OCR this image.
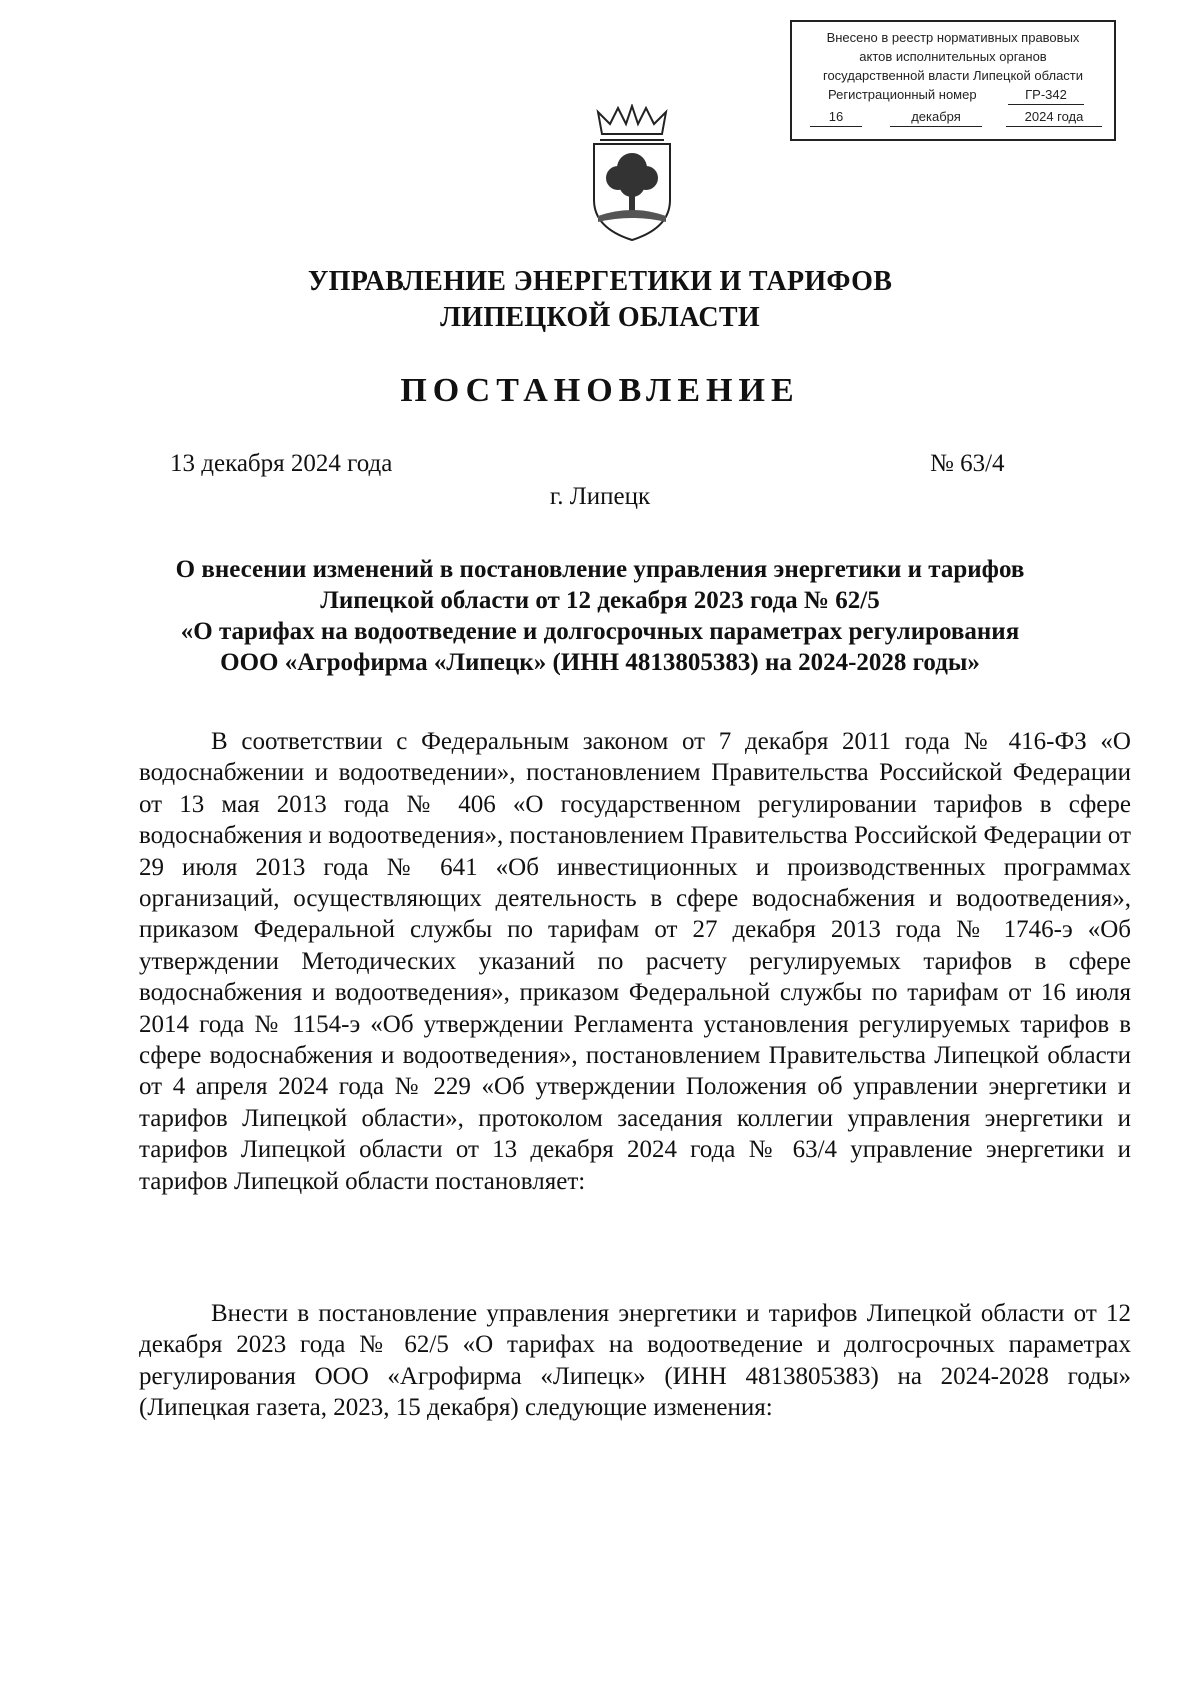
Внесено в реестр нормативных правовых
актов исполнительных органов
государственной власти Липецкой области
Регистрационный номер	ГР-342
16	декабря	2024 года
УПРАВЛЕНИЕ ЭНЕРГЕТИКИ И ТАРИФОВ
ЛИПЕЦКОЙ ОБЛАСТИ
ПОСТАНОВЛЕНИЕ
13 декабря 2024 года	№ 63/4
г. Липецк
О внесении изменений в постановление управления энергетики и тарифов
Липецкой области от 12 декабря 2023 года № 62/5
«О тарифах на водоотведение и долгосрочных параметрах регулирования
ООО «Агрофирма «Липецк» (ИНН 4813805383) на 2024-2028 годы»

В соответствии с Федеральным законом от 7 декабря 2011 года № 416-ФЗ «О водоснабжении и водоотведении», постановлением Правительства Российской Федерации от 13 мая 2013 года № 406 «О государственном регулировании тарифов в сфере водоснабжения и водоотведения», постановлением Правительства Российской Федерации от 29 июля 2013 года № 641 «Об инвестиционных и производственных программах организаций, осуществляющих деятельность в сфере водоснабжения и водоотведения», приказом Федеральной службы по тарифам от 27 декабря 2013 года № 1746-э «Об утверждении Методических указаний по расчету регулируемых тарифов в сфере водоснабжения и водоотведения», приказом Федеральной службы по тарифам от 16 июля 2014 года № 1154-э «Об утверждении Регламента установления регулируемых тарифов в сфере водоснабжения и водоотведения», постановлением Правительства Липецкой области от 4 апреля 2024 года № 229 «Об утверждении Положения об управлении энергетики и тарифов Липецкой области», протоколом заседания коллегии управления энергетики и тарифов Липецкой области от 13 декабря 2024 года № 63/4 управление энергетики и тарифов Липецкой области постановляет:

Внести в постановление управления энергетики и тарифов Липецкой области от 12 декабря 2023 года № 62/5 «О тарифах на водоотведение и долгосрочных параметрах регулирования ООО «Агрофирма «Липецк» (ИНН 4813805383) на 2024-2028 годы» (Липецкая газета, 2023, 15 декабря) следующие изменения:
